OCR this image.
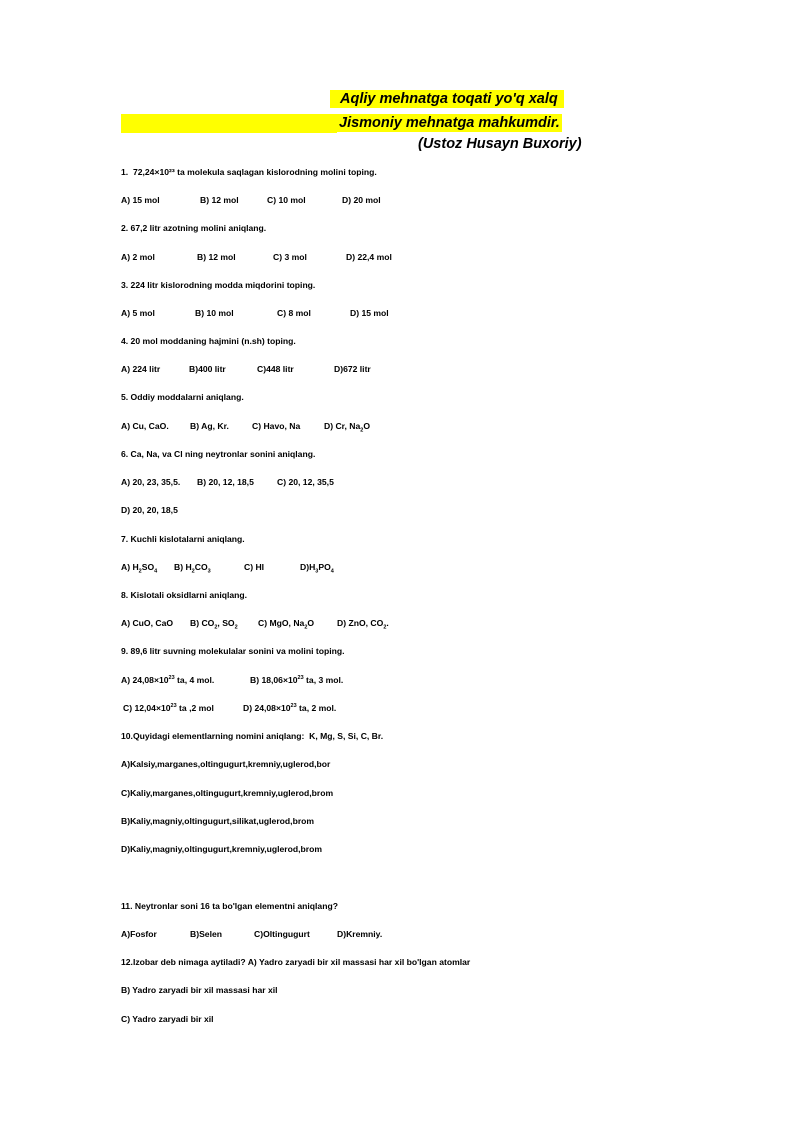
Aqliy mehnatga toqati yo'q xalq
Jismoniy mehnatga mahkumdir.
(Ustoz Husayn Buxoriy)
1.  72,24×10²³ ta molekula saqlagan kislorodning molini toping.
A) 15 mol	B) 12 mol	C) 10 mol	D) 20 mol
2. 67,2 litr azotning molini aniqlang.
A) 2 mol	B) 12 mol	C) 3 mol	D) 22,4 mol
3. 224 litr kislorodning modda miqdorini toping.
A) 5 mol	B) 10 mol	C) 8 mol	D) 15 mol
4. 20 mol moddaning hajmini (n.sh) toping.
A) 224 litr	B)400 litr	C)448 litr	D)672 litr
5. Oddiy moddalarni aniqlang.
A) Cu, CaO. B) Ag, Kr.	C) Havo, Na	D) Cr, $Na_2O$
6. Ca, Na, va Cl ning neytronlar sonini aniqlang.
A) 20, 23, 35,5. B) 20, 12, 18,5	C) 20, 12, 35,5
D) 20, 20, 18,5
7. Kuchli kislotalarni aniqlang.
A) $H_2SO_4$ B) $H_2CO_3$	C) HI	$D)H_3PO_4$
8. Kislotali oksidlarni aniqlang.
A) CuO, CaO B) $CO_2$, $SO_2$ C) MgO, $Na_2O$	D) ZnO, $CO_2$.
9. 89,6 litr suvning molekulalar sonini va molini toping.
A) $24,08\times 10^{23}$ ta, 4 mol.	B) $18,06\times 10^{23}$ ta, 3 mol.
C) $12,04\times 10^{23}$ ta ,2 mol	D) $24,08\times 10^{23}$ ta, 2 mol.
10.Quyidagi elementlarning nomini aniqlang:  K, Mg, S, Si, C, Br.
A)Kalsiy,marganes,oltingugurt,kremniy,uglerod,bor
C)Kaliy,marganes,oltingugurt,kremniy,uglerod,brom
B)Kaliy,magniy,oltingugurt,silikat,uglerod,brom
D)Kaliy,magniy,oltingugurt,kremniy,uglerod,brom
11. Neytronlar soni 16 ta bo'lgan elementni aniqlang?
A)Fosfor	B)Selen	C)Oltingugurt	D)Kremniy.
12.Izobar deb nimaga aytiladi? A) Yadro zaryadi bir xil massasi har xil bo'lgan atomlar
B) Yadro zaryadi bir xil massasi har xil
C) Yadro zaryadi bir xil
